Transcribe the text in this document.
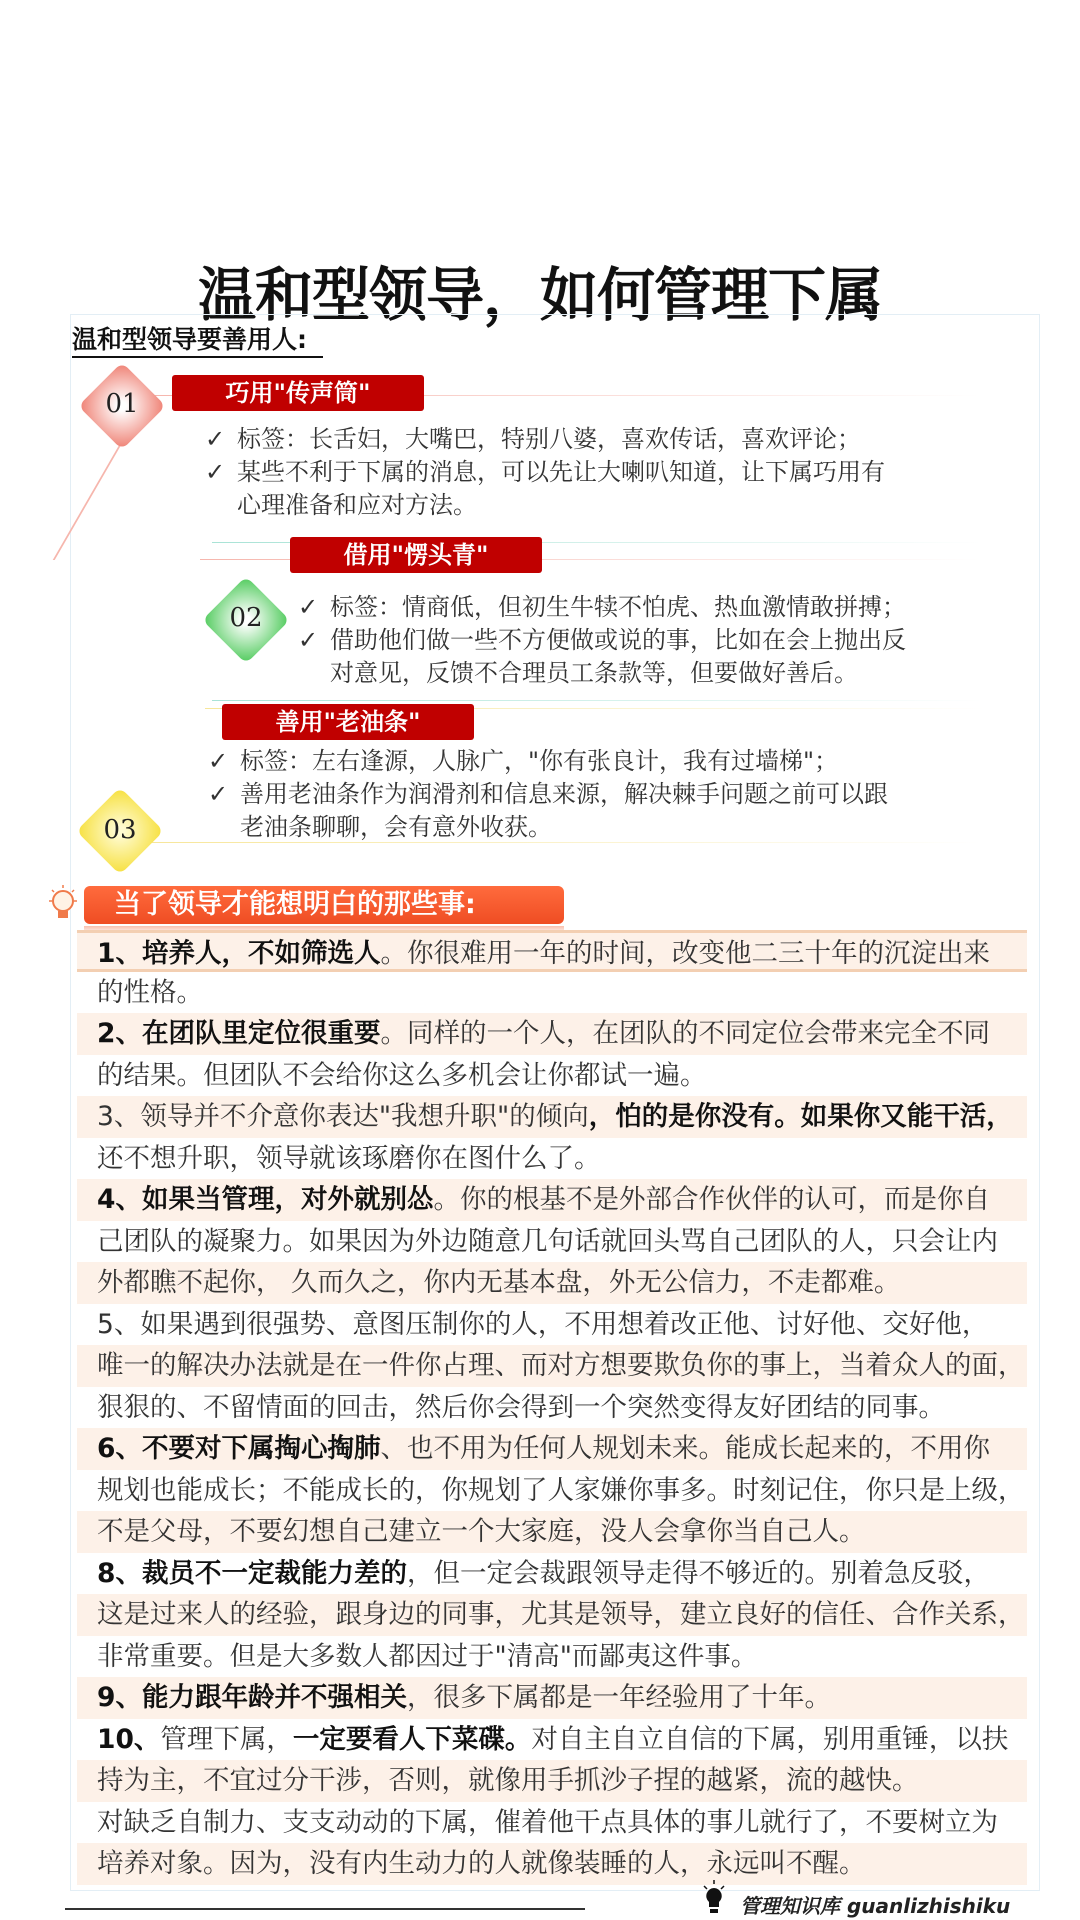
温和型领导，如何管理下属
温和型领导要善用人:
01	巧用"传声筒"
✓ 标签：长舌妇，大嘴巴，特别八婆，喜欢传话，喜欢评论；
✓ 某些不利于下属的消息，可以先让大喇叭知道，让下属巧用有
心理准备和应对方法。
02
借用"愣头青"
✓ 标签：情商低，但初生牛犊不怕虎、热血激情敢拼搏；
✓ 借助他们做一些不方便做或说的事，比如在会上抛出反
对意见，反馈不合理员工条款等，但要做好善后。
03
善用"老油条"
✓ 标签：左右逢源，人脉广，"你有张良计，我有过墙梯"；
✓ 善用老油条作为润滑剂和信息来源，解决棘手问题之前可以跟
老油条聊聊，会有意外收获。
当了领导才能想明白的那些事:
1、培养人，不如筛选人。你很难用一年的时间，改变他二三十年的沉淀出来
的性格。
2、在团队里定位很重要。同样的一个人，在团队的不同定位会带来完全不同
的结果。但团队不会给你这么多机会让你都试一遍。
3、领导并不介意你表达"我想升职"的倾向，怕的是你没有。如果你又能干活，
还不想升职，领导就该琢磨你在图什么了。
4、如果当管理，对外就别怂。你的根基不是外部合作伙伴的认可，而是你自
己团队的凝聚力。如果因为外边随意几句话就回头骂自己团队的人，只会让内
外都瞧不起你， 久而久之，你内无基本盘，外无公信力，不走都难。
5、如果遇到很强势、意图压制你的人，不用想着改正他、讨好他、交好他，
唯一的解决办法就是在一件你占理、而对方想要欺负你的事上，当着众人的面，
狠狠的、不留情面的回击，然后你会得到一个突然变得友好团结的同事。
6、不要对下属掏心掏肺、也不用为任何人规划未来。能成长起来的，不用你
规划也能成长；不能成长的，你规划了人家嫌你事多。时刻记住，你只是上级，
不是父母，不要幻想自己建立一个大家庭，没人会拿你当自己人。
8、裁员不一定裁能力差的，但一定会裁跟领导走得不够近的。别着急反驳，
这是过来人的经验，跟身边的同事，尤其是领导，建立良好的信任、合作关系，
非常重要。但是大多数人都因过于"清高"而鄙夷这件事。
9、能力跟年龄并不强相关，很多下属都是一年经验用了十年。
10、管理下属，一定要看人下菜碟。对自主自立自信的下属，别用重锤，以扶
持为主，不宜过分干涉，否则，就像用手抓沙子捏的越紧，流的越快。
对缺乏自制力、支支动动的下属，催着他干点具体的事儿就行了，不要树立为
培养对象。因为，没有内生动力的人就像装睡的人，永远叫不醒。
管理知识库 guanlizhishiku
